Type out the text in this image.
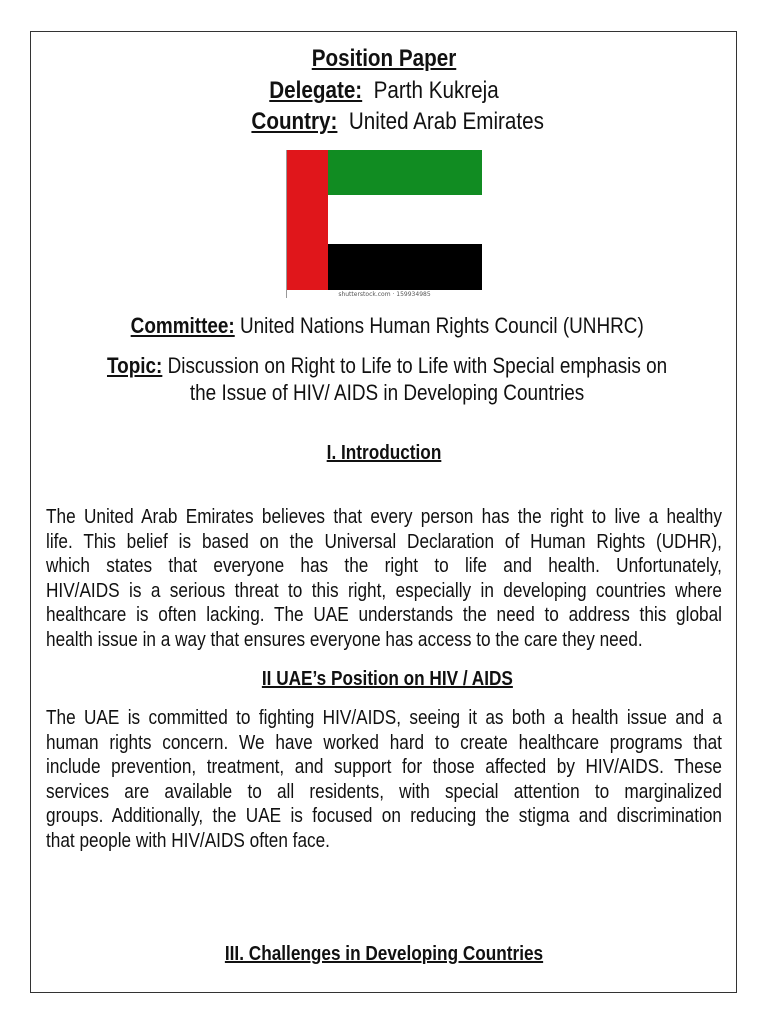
Position Paper
Delegate: Parth Kukreja
Country: United Arab Emirates
shutterstock.com · 159934985
Committee: United Nations Human Rights Council (UNHRC)
Topic: Discussion on Right to Life to Life with Special emphasis on
the Issue of HIV/ AIDS in Developing Countries
I. Introduction
The United Arab Emirates believes that every person has the right to live a healthy
life. This belief is based on the Universal Declaration of Human Rights (UDHR),
which states that everyone has the right to life and health. Unfortunately,
HIV/AIDS is a serious threat to this right, especially in developing countries where
healthcare is often lacking. The UAE understands the need to address this global
health issue in a way that ensures everyone has access to the care they need.
II UAE’s Position on HIV / AIDS
The UAE is committed to fighting HIV/AIDS, seeing it as both a health issue and a
human rights concern. We have worked hard to create healthcare programs that
include prevention, treatment, and support for those affected by HIV/AIDS. These
services are available to all residents, with special attention to marginalized
groups. Additionally, the UAE is focused on reducing the stigma and discrimination
that people with HIV/AIDS often face.
III. Challenges in Developing Countries
